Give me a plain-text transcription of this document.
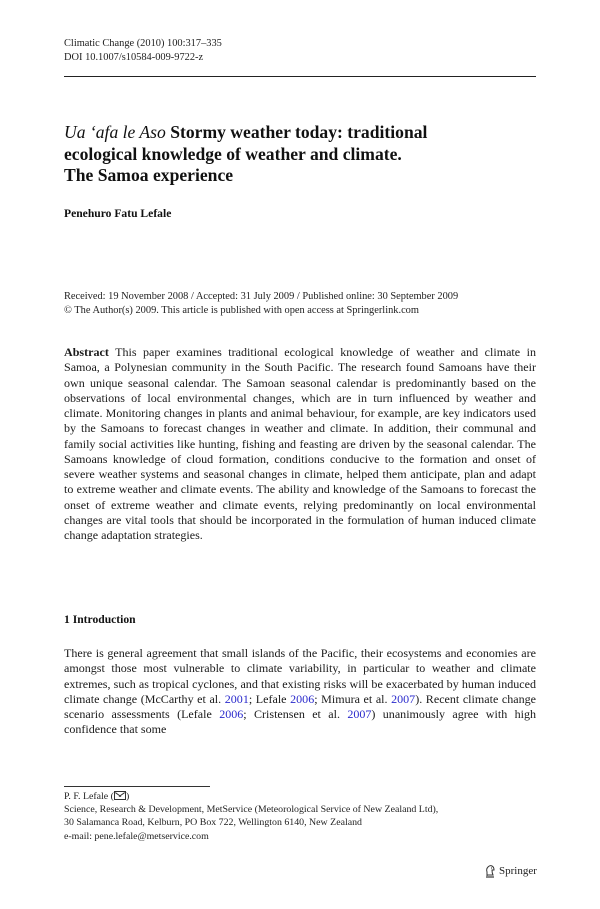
Climatic Change (2010) 100:317–335
DOI 10.1007/s10584-009-9722-z
Ua ‘afa le Aso Stormy weather today: traditional
ecological knowledge of weather and climate.
The Samoa experience
Penehuro Fatu Lefale
Received: 19 November 2008 / Accepted: 31 July 2009 / Published online: 30 September 2009
© The Author(s) 2009. This article is published with open access at Springerlink.com

Abstract This paper examines traditional ecological knowledge of weather and climate in Samoa, a Polynesian community in the South Pacific. The research found Samoans have their own unique seasonal calendar. The Samoan seasonal calendar is predominantly based on the observations of local environmental changes, which are in turn influenced by weather and climate. Monitoring changes in plants and animal behaviour, for example, are key indicators used by the Samoans to forecast changes in weather and climate. In addition, their communal and family social activities like hunting, fishing and feasting are driven by the seasonal calendar. The Samoans knowledge of cloud formation, conditions conducive to the formation and onset of severe weather systems and seasonal changes in climate, helped them anticipate, plan and adapt to extreme weather and climate events. The ability and knowledge of the Samoans to forecast the onset of extreme weather and climate events, relying predominantly on local environmental changes are vital tools that should be incorporated in the formulation of human induced climate change adaptation strategies.

1 Introduction

There is general agreement that small islands of the Pacific, their ecosystems and economies are amongst those most vulnerable to climate variability, in particular to weather and climate extremes, such as tropical cyclones, and that existing risks will be exacerbated by human induced climate change (McCarthy et al. 2001; Lefale 2006; Mimura et al. 2007). Recent climate change scenario assessments (Lefale 2006; Cristensen et al. 2007) unanimously agree with high confidence that some

P. F. Lefale ( )
Science, Research & Development, MetService (Meteorological Service of New Zealand Ltd),
30 Salamanca Road, Kelburn, PO Box 722, Wellington 6140, New Zealand
e-mail: pene.lefale@metservice.com
Springer
